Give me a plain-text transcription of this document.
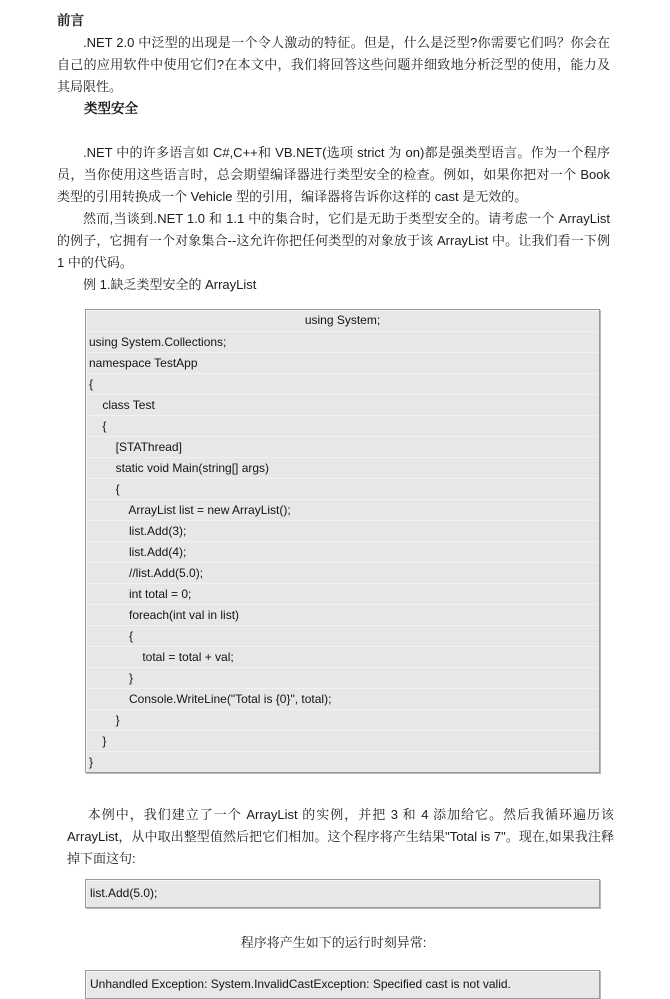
前言

.NET 2.0 中泛型的出现是一个令人激动的特征。但是，什么是泛型?你需要它们吗？你会在自己的应用软件中使用它们?在本文中，我们将回答这些问题并细致地分析泛型的使用，能力及其局限性。

类型安全

.NET 中的许多语言如 C#,C++和 VB.NET(选项 strict 为 on)都是强类型语言。作为一个程序员，当你使用这些语言时，总会期望编译器进行类型安全的检查。例如，如果你把对一个 Book 类型的引用转换成一个 Vehicle 型的引用，编译器将告诉你这样的 cast 是无效的。

然而,当谈到.NET 1.0 和 1.1 中的集合时，它们是无助于类型安全的。请考虑一个 ArrayList 的例子，它拥有一个对象集合--这允许你把任何类型的对象放于该 ArrayList 中。让我们看一下例 1 中的代码。

例 1.缺乏类型安全的 ArrayList

using System;
using System.Collections;
namespace TestApp
{
class Test
{
[STAThread]
static void Main(string[] args)
{
ArrayList list = new ArrayList();
list.Add(3);
list.Add(4);
//list.Add(5.0);
int total = 0;
foreach(int val in list)
{
total = total + val;
}
Console.WriteLine("Total is {0}", total);
}
}
}

本例中，我们建立了一个 ArrayList 的实例，并把 3 和 4 添加给它。然后我循环遍历该 ArrayList，从中取出整型值然后把它们相加。这个程序将产生结果"Total is 7"。现在,如果我注释掉下面这句:

list.Add(5.0);

程序将产生如下的运行时刻异常:

Unhandled Exception: System.InvalidCastException: Specified cast is not valid.
